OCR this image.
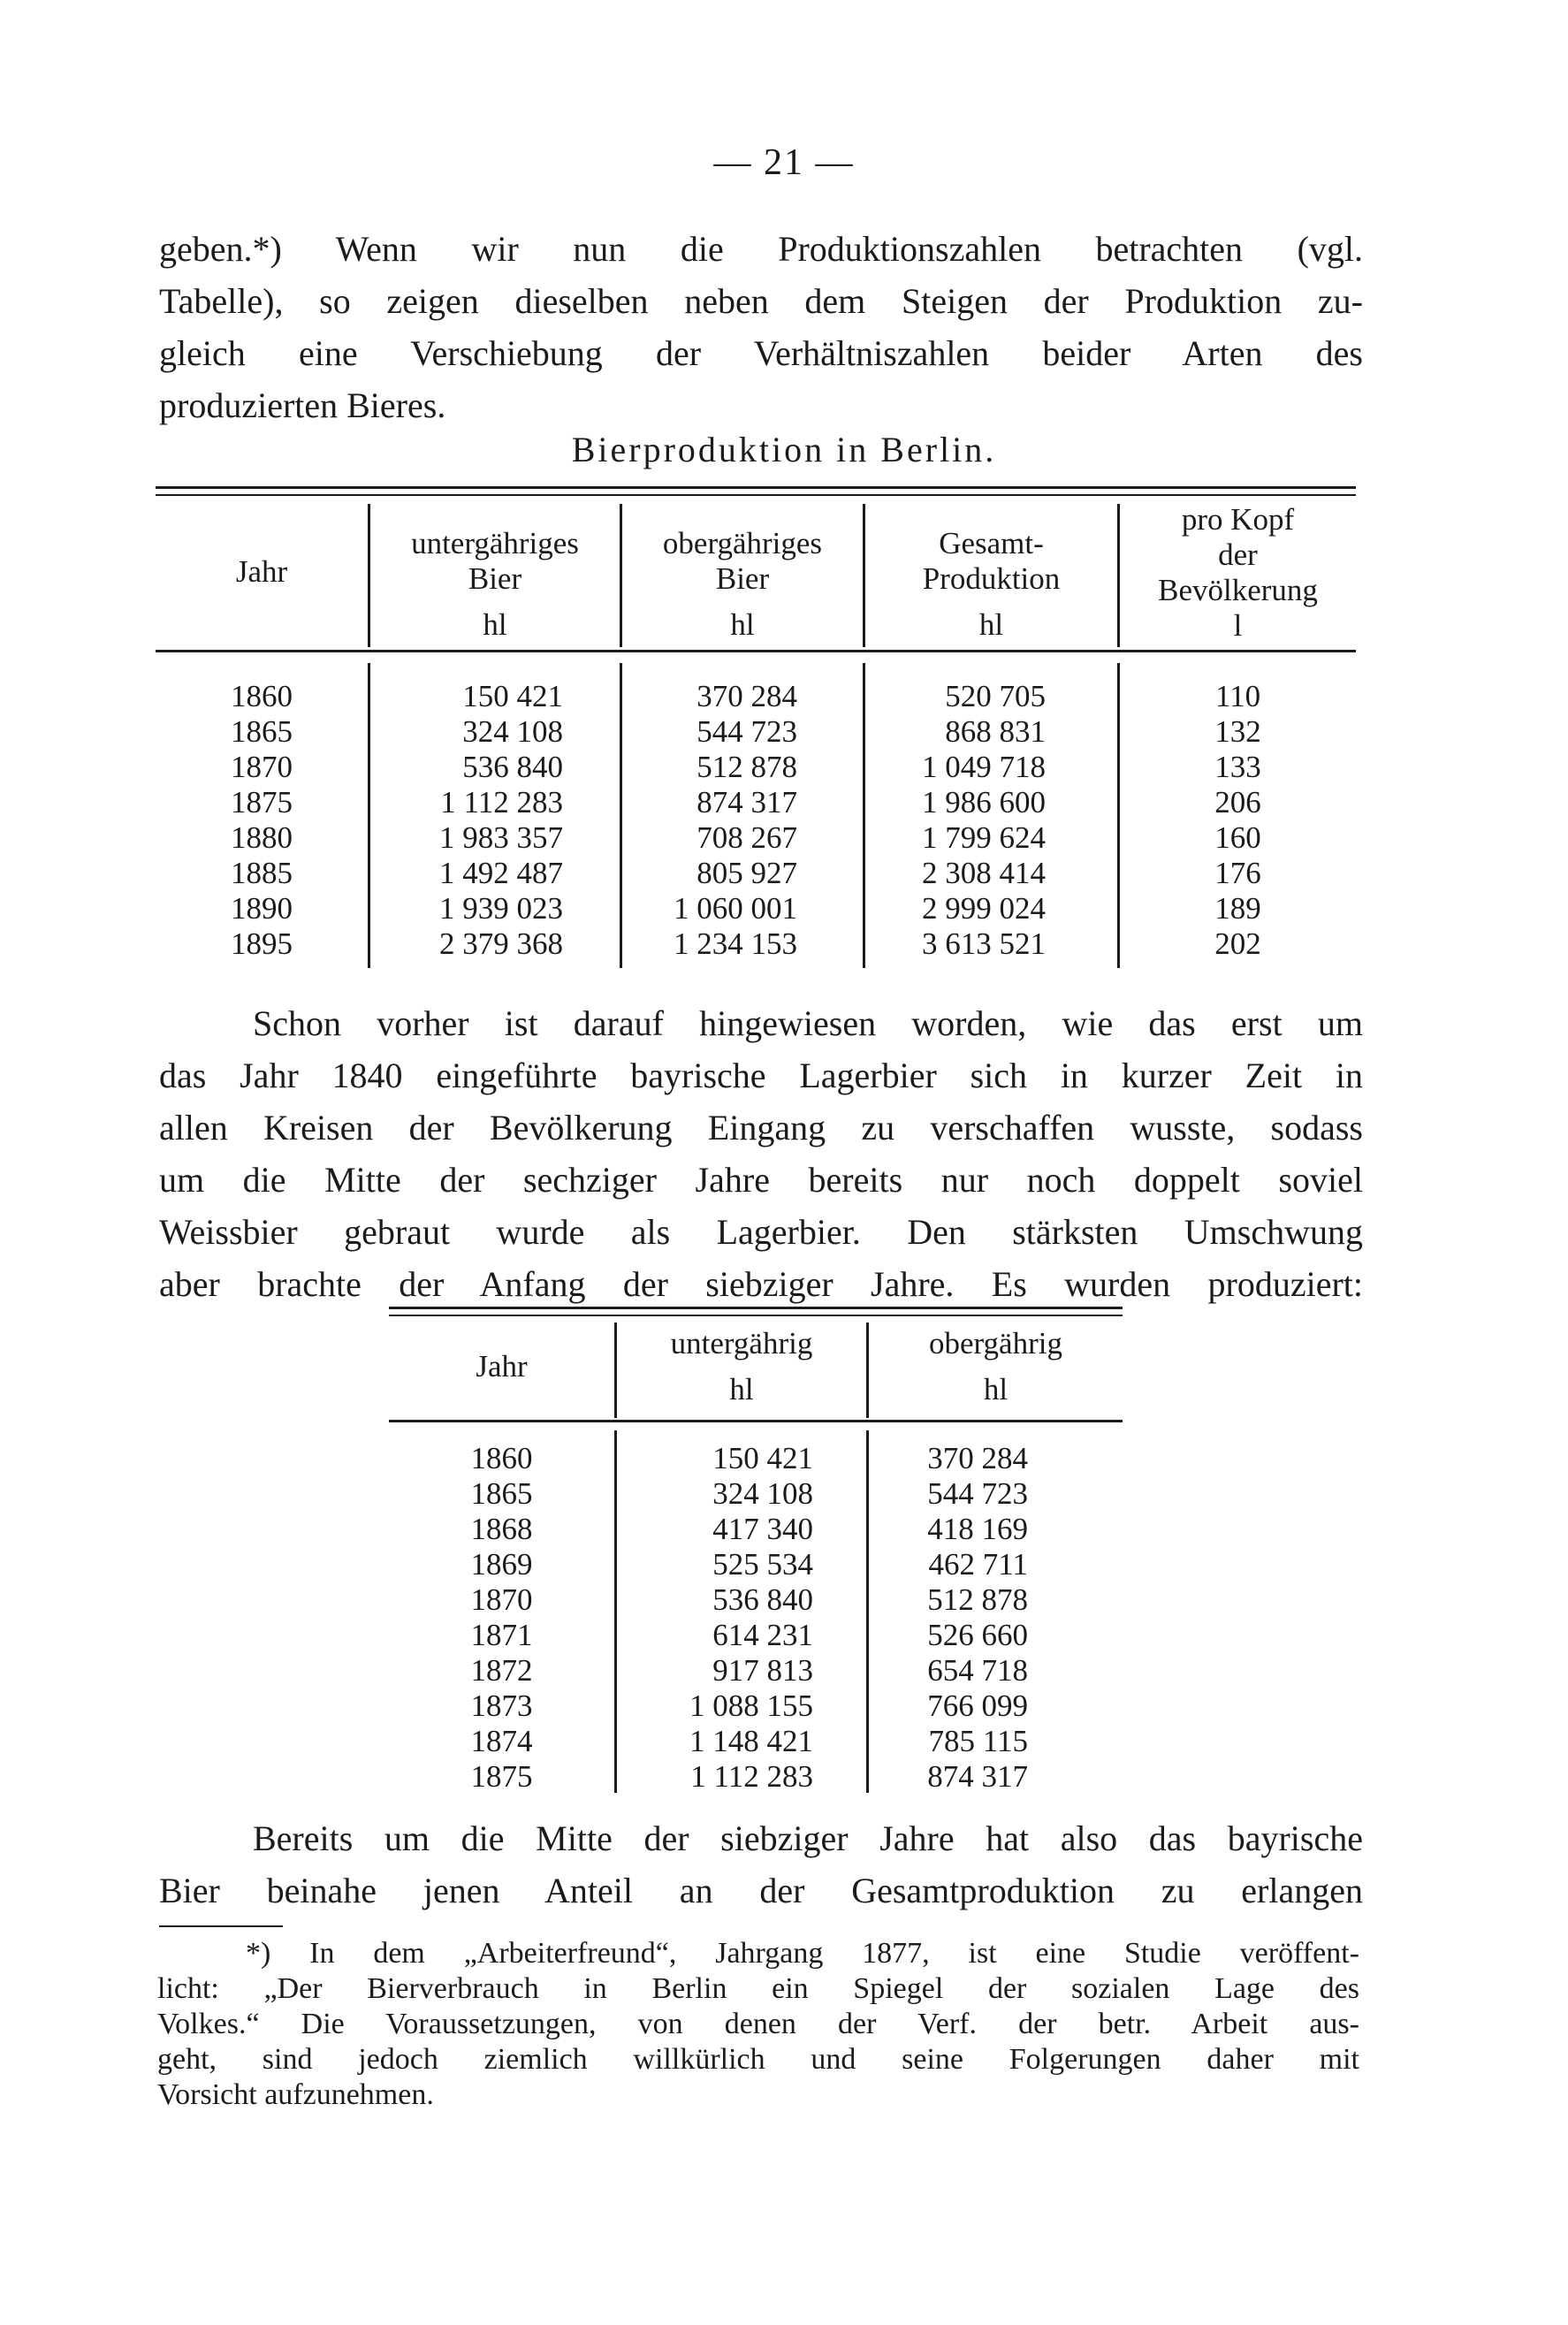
— 21 —
geben.*) Wenn wir nun die Produktionszahlen betrachten (vgl.
Tabelle), so zeigen dieselben neben dem Steigen der Produktion zu-
gleich eine Verschiebung der Verhältniszahlen beider Arten des
produzierten Bieres.
Bierproduktion in Berlin.
Jahr
untergähriges
Bier
hl
obergähriges
Bier
hl
Gesamt-
Produktion
hl
pro Kopf
der
Bevölkerung
l
1860
1865
1870
1875
1880
1885
1890
1895
150 421
324 108
536 840
1 112 283
1 983 357
1 492 487
1 939 023
2 379 368
370 284
544 723
512 878
874 317
708 267
805 927
1 060 001
1 234 153
520 705
868 831
1 049 718
1 986 600
1 799 624
2 308 414
2 999 024
3 613 521
110
132
133
206
160
176
189
202
Schon vorher ist darauf hingewiesen worden, wie das erst um
das Jahr 1840 eingeführte bayrische Lagerbier sich in kurzer Zeit in
allen Kreisen der Bevölkerung Eingang zu verschaffen wusste, sodass
um die Mitte der sechziger Jahre bereits nur noch doppelt soviel
Weissbier gebraut wurde als Lagerbier. Den stärksten Umschwung
aber brachte der Anfang der siebziger Jahre. Es wurden produziert:
Jahr
untergährig
hl
obergährig
hl
1860
1865
1868
1869
1870
1871
1872
1873
1874
1875
150 421
324 108
417 340
525 534
536 840
614 231
917 813
1 088 155
1 148 421
1 112 283
370 284
544 723
418 169
462 711
512 878
526 660
654 718
766 099
785 115
874 317
Bereits um die Mitte der siebziger Jahre hat also das bayrische
Bier beinahe jenen Anteil an der Gesamtproduktion zu erlangen
*) In dem „Arbeiterfreund“, Jahrgang 1877, ist eine Studie veröffent-
licht: „Der Bierverbrauch in Berlin ein Spiegel der sozialen Lage des
Volkes.“ Die Voraussetzungen, von denen der Verf. der betr. Arbeit aus-
geht, sind jedoch ziemlich willkürlich und seine Folgerungen daher mit
Vorsicht aufzunehmen.
